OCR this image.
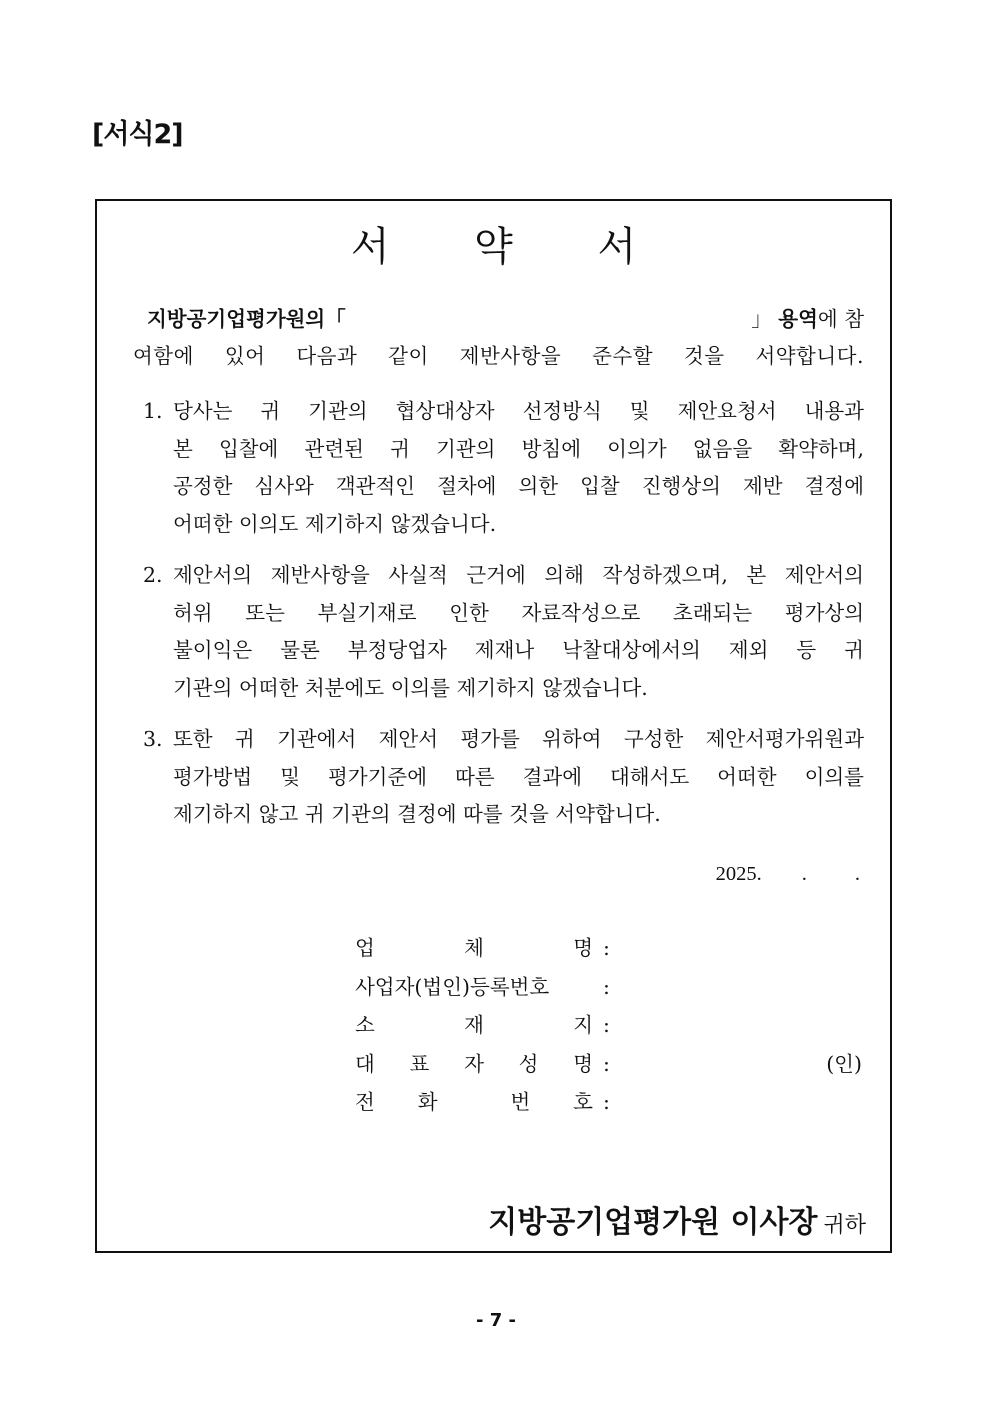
[서식2]
서 약 서
지방공기업평가원의「	」 용역에 참
여함에 있어 다음과 같이 제반사항을 준수할 것을 서약합니다.
1. 당사는 귀 기관의 협상대상자 선정방식 및 제안요청서 내용과
본 입찰에 관련된 귀 기관의 방침에 이의가 없음을 확약하며,
공정한 심사와 객관적인 절차에 의한 입찰 진행상의 제반 결정에
어떠한 이의도 제기하지 않겠습니다.
2. 제안서의 제반사항을 사실적 근거에 의해 작성하겠으며, 본 제안서의
허위 또는 부실기재로 인한 자료작성으로 초래되는 평가상의
불이익은 물론 부정당업자 제재나 낙찰대상에서의 제외 등 귀
기관의 어떠한 처분에도 이의를 제기하지 않겠습니다.
3. 또한 귀 기관에서 제안서 평가를 위하여 구성한 제안서평가위원과
평가방법 및 평가기준에 따른 결과에 대해서도 어떠한 이의를
제기하지 않고 귀 기관의 결정에 따를 것을 서약합니다.
2025. . .
업	체	명 :
사업자(법인)등록번호	:
소	재	지 :
대 표 자 성 명 :	(인)
전 화	번 호 :
지방공기업평가원 이사장 귀하
- 7 -
